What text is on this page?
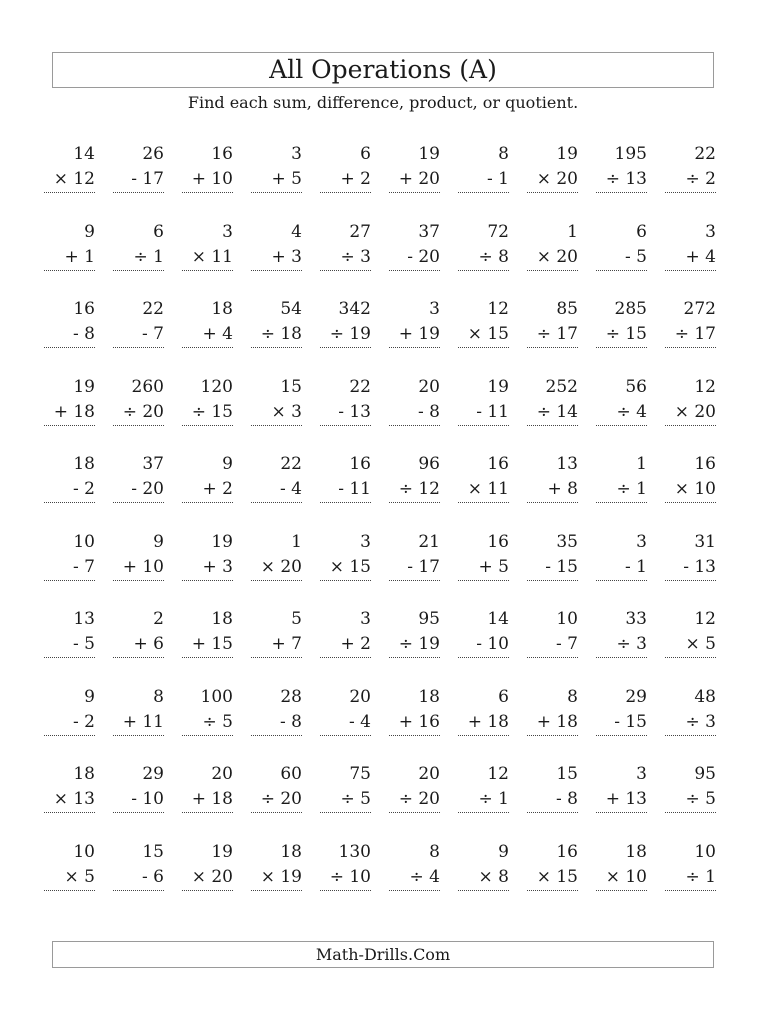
All Operations (A)
Find each sum, difference, product, or quotient.
14
× 12
26
- 17
16
+ 10
3
+ 5
6
+ 2
19
+ 20
8
- 1
19
× 20
195
÷ 13
22
÷ 2
9
+ 1
6
÷ 1
3
× 11
4
+ 3
27
÷ 3
37
- 20
72
÷ 8
1
× 20
6
- 5
3
+ 4
16
- 8
22
- 7
18
+ 4
54
÷ 18
342
÷ 19
3
+ 19
12
× 15
85
÷ 17
285
÷ 15
272
÷ 17
19
+ 18
260
÷ 20
120
÷ 15
15
× 3
22
- 13
20
- 8
19
- 11
252
÷ 14
56
÷ 4
12
× 20
18
- 2
37
- 20
9
+ 2
22
- 4
16
- 11
96
÷ 12
16
× 11
13
+ 8
1
÷ 1
16
× 10
10
- 7
9
+ 10
19
+ 3
1
× 20
3
× 15
21
- 17
16
+ 5
35
- 15
3
- 1
31
- 13
13
- 5
2
+ 6
18
+ 15
5
+ 7
3
+ 2
95
÷ 19
14
- 10
10
- 7
33
÷ 3
12
× 5
9
- 2
8
+ 11
100
÷ 5
28
- 8
20
- 4
18
+ 16
6
+ 18
8
+ 18
29
- 15
48
÷ 3
18
× 13
29
- 10
20
+ 18
60
÷ 20
75
÷ 5
20
÷ 20
12
÷ 1
15
- 8
3
+ 13
95
÷ 5
10
× 5
15
- 6
19
× 20
18
× 19
130
÷ 10
8
÷ 4
9
× 8
16
× 15
18
× 10
10
÷ 1
Math-Drills.Com
